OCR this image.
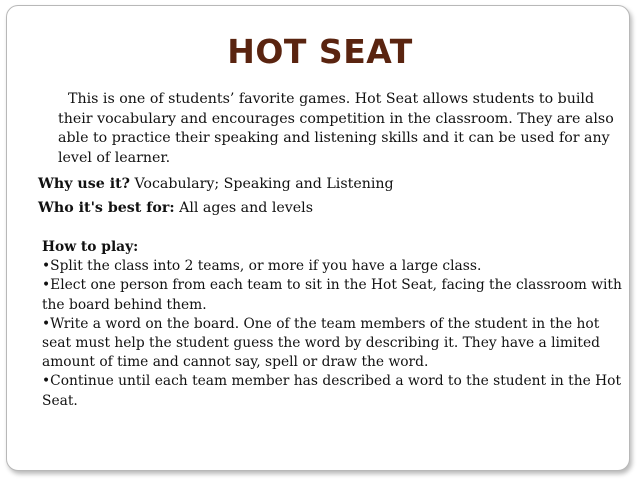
HOT SEAT

This is one of students’ favorite games. Hot Seat allows students to build their vocabulary and encourages competition in the classroom. They are also able to practice their speaking and listening skills and it can be used for any level of learner.

Why use it? Vocabulary; Speaking and Listening

Who it's best for: All ages and levels

How to play:

•Split the class into 2 teams, or more if you have a large class.
•Elect one person from each team to sit in the Hot Seat, facing the classroom with the board behind them.
•Write a word on the board. One of the team members of the student in the hot seat must help the student guess the word by describing it. They have a limited amount of time and cannot say, spell or draw the word.
•Continue until each team member has described a word to the student in the Hot Seat.
